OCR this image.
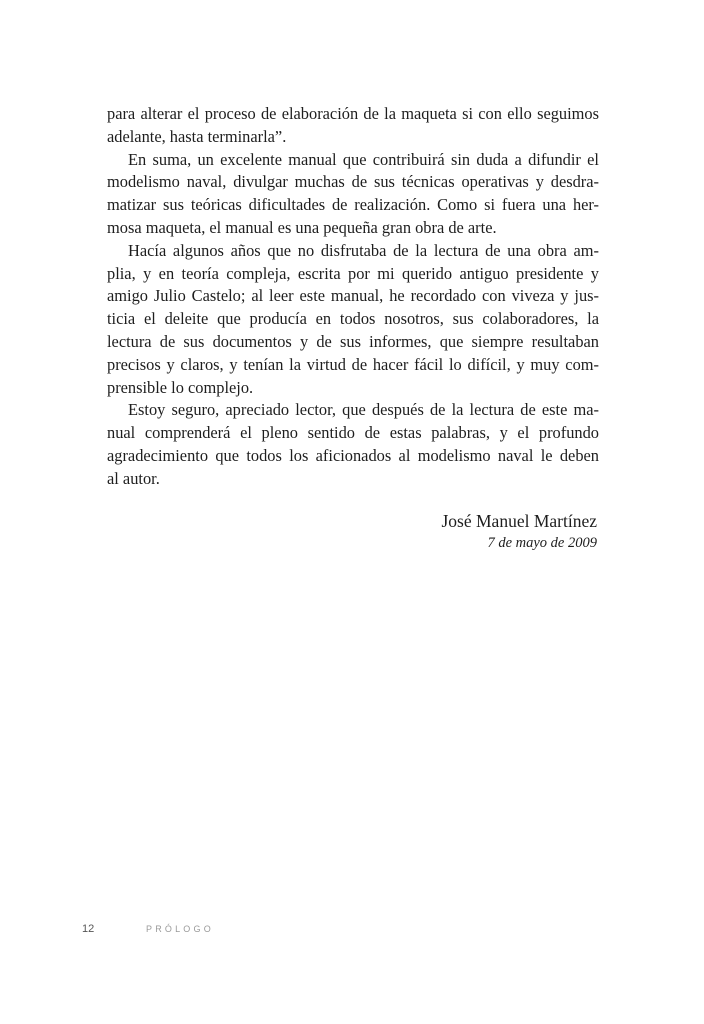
para alterar el proceso de elaboración de la maqueta si con ello seguimos
adelante, hasta terminarla”.
En suma, un excelente manual que contribuirá sin duda a difundir el
modelismo naval, divulgar muchas de sus técnicas operativas y desdra-
matizar sus teóricas dificultades de realización. Como si fuera una her-
mosa maqueta, el manual es una pequeña gran obra de arte.
Hacía algunos años que no disfrutaba de la lectura de una obra am-
plia, y en teoría compleja, escrita por mi querido antiguo presidente y
amigo Julio Castelo; al leer este manual, he recordado con viveza y jus-
ticia el deleite que producía en todos nosotros, sus colaboradores, la
lectura de sus documentos y de sus informes, que siempre resultaban
precisos y claros, y tenían la virtud de hacer fácil lo difícil, y muy com-
prensible lo complejo.
Estoy seguro, apreciado lector, que después de la lectura de este ma-
nual comprenderá el pleno sentido de estas palabras, y el profundo
agradecimiento que todos los aficionados al modelismo naval le deben
al autor.
José Manuel Martínez
7 de mayo de 2009
12	PRÓLOGO
